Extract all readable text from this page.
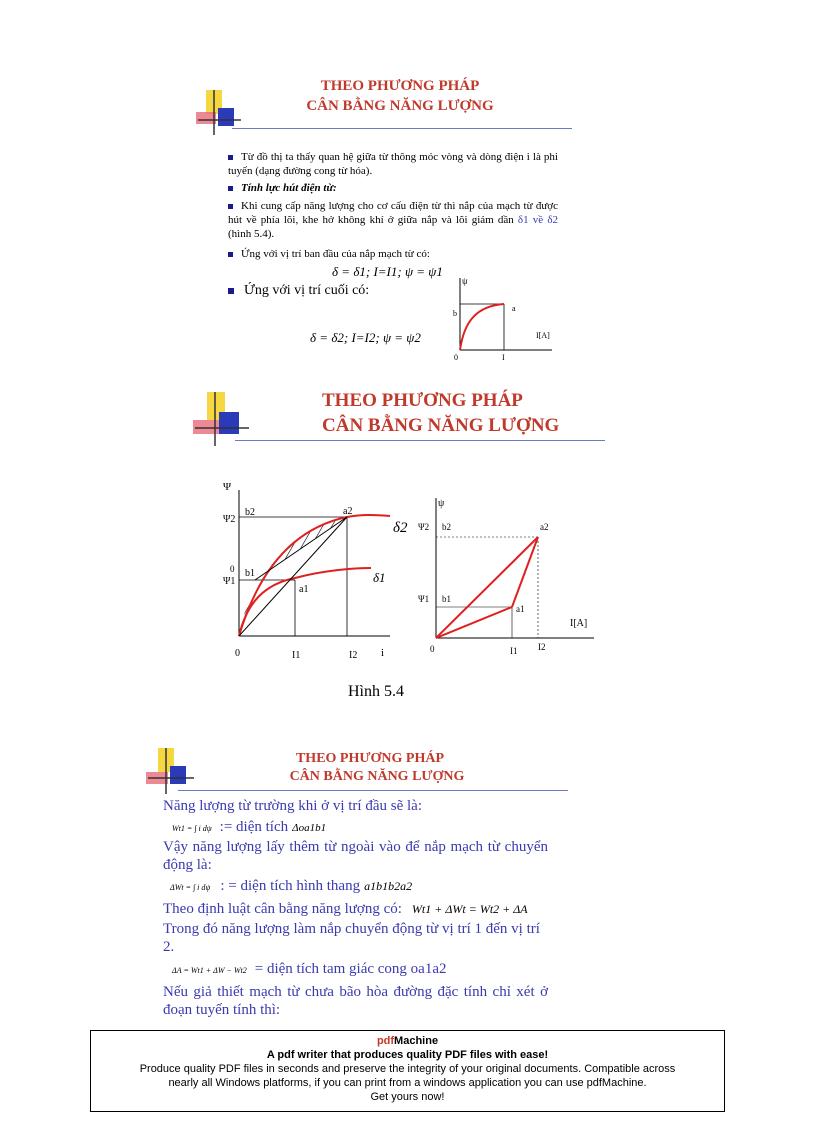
THEO PHƯƠNG PHÁP
CÂN BẰNG NĂNG LƯỢNG
Từ đồ thị ta thấy quan hệ giữa từ thông móc vòng và dòng điện i là phi tuyến (dạng đường cong từ hóa).
Tính lực hút điện từ:
Khi cung cấp năng lượng cho cơ cấu điện từ thì nắp của mạch từ được hút về phía lõi, khe hở không khí ở giữa nắp và lõi giảm dần δ1 về δ2 (hình 5.4).
Ứng với vị trí ban đầu của nắp mạch từ có:
δ = δ1; I=I1; ψ = ψ1
Ứng với vị trí cuối có:
δ = δ2; I=I2; ψ = ψ2
ψ
I[A]
0	I
a
b
THEO PHƯƠNG PHÁP
CÂN BẰNG NĂNG LƯỢNG
Ψ
Ψ2
0
Ψ1
b2
b1
a2
a1
δ2
δ1
0	I1	I2 i
ψ
Ψ2 b2	a2
Ψ1 b1
a1
I[A]
0	I1 I2
Hình 5.4
THEO PHƯƠNG PHÁP
CÂN BẰNG NĂNG LƯỢNG
Năng lượng từ trường khi ở vị trí đầu sẽ là:
Wt1 = ∫ i dψ := diện tích Δoa1b1
Vậy năng lượng lấy thêm từ ngoài vào để nắp mạch từ chuyển động là:
ΔWt = ∫ i dψ : = diện tích hình thang a1b1b2a2
Theo định luật cân bằng năng lượng có: Wt1 + ΔWt = Wt2 + ΔA
Trong đó năng lượng làm nắp chuyển động từ vị trí 1 đến vị trí 2.
ΔA = Wt1 + ΔW − Wt2 = diện tích tam giác cong oa1a2
Nếu giả thiết mạch từ chưa bão hòa đường đặc tính chỉ xét ở đoạn tuyến tính thì:
pdfMachine
A pdf writer that produces quality PDF files with ease!
Produce quality PDF files in seconds and preserve the integrity of your original documents. Compatible across
nearly all Windows platforms, if you can print from a windows application you can use pdfMachine.
Get yours now!
